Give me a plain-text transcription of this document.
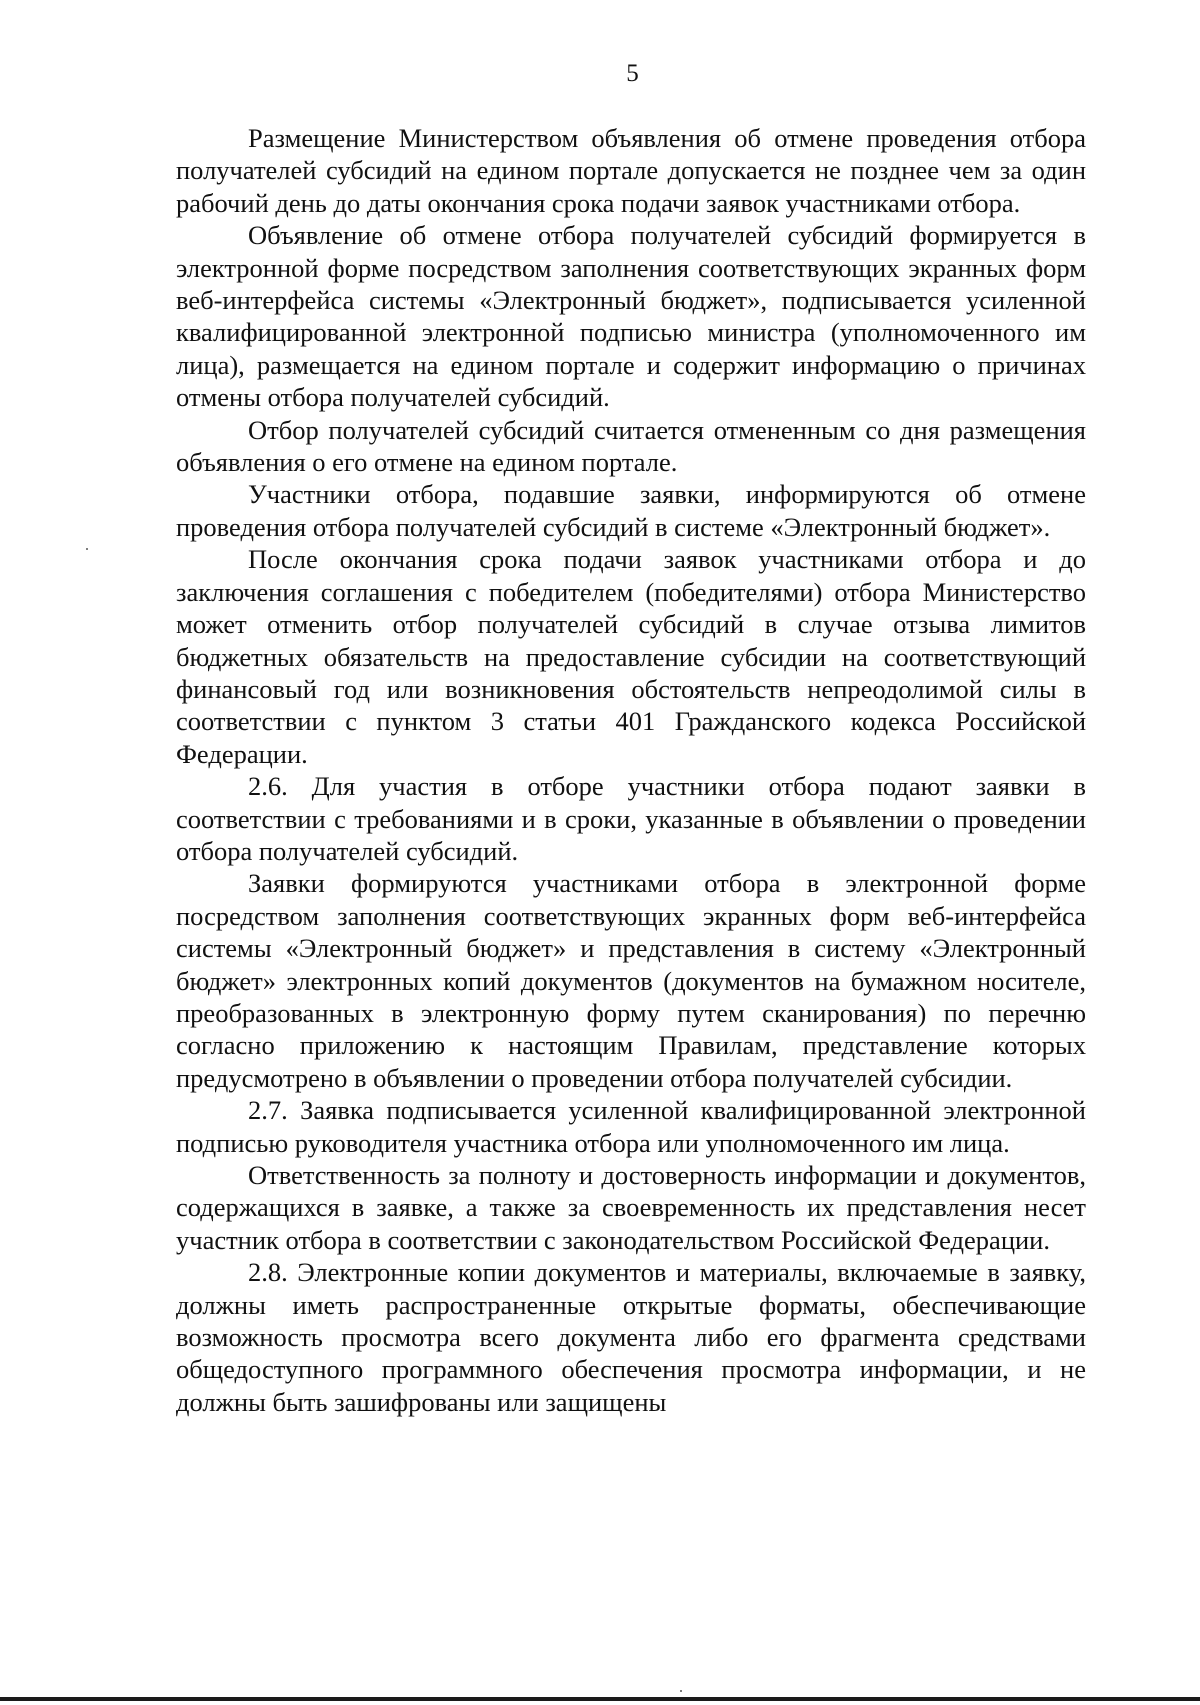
5

Размещение Министерством объявления об отмене проведения отбора получателей субсидий на едином портале допускается не позднее чем за один рабочий день до даты окончания срока подачи заявок участниками отбора.

Объявление об отмене отбора получателей субсидий формируется в электронной форме посредством заполнения соответствующих экранных форм веб-интерфейса системы «Электронный бюджет», подписывается усиленной квалифицированной электронной подписью министра (уполномоченного им лица), размещается на едином портале и содержит информацию о причинах отмены отбора получателей субсидий.

Отбор получателей субсидий считается отмененным со дня размещения объявления о его отмене на едином портале.

Участники отбора, подавшие заявки, информируются об отмене проведения отбора получателей субсидий в системе «Электронный бюджет».

После окончания срока подачи заявок участниками отбора и до заключения соглашения с победителем (победителями) отбора Министерство может отменить отбор получателей субсидий в случае отзыва лимитов бюджетных обязательств на предоставление субсидии на соответствующий финансовый год или возникновения обстоятельств непреодолимой силы в соответствии с пунктом 3 статьи 401 Гражданского кодекса Российской Федерации.

2.6. Для участия в отборе участники отбора подают заявки в соответствии с требованиями и в сроки, указанные в объявлении о проведении отбора получателей субсидий.

Заявки формируются участниками отбора в электронной форме посредством заполнения соответствующих экранных форм веб-интерфейса системы «Электронный бюджет» и представления в систему «Электронный бюджет» электронных копий документов (документов на бумажном носителе, преобразованных в электронную форму путем сканирования) по перечню согласно приложению к настоящим Правилам, представление которых предусмотрено в объявлении о проведении отбора получателей субсидии.

2.7. Заявка подписывается усиленной квалифицированной электронной подписью руководителя участника отбора или уполномоченного им лица.

Ответственность за полноту и достоверность информации и документов, содержащихся в заявке, а также за своевременность их представления несет участник отбора в соответствии с законодательством Российской Федерации.

2.8. Электронные копии документов и материалы, включаемые в заявку, должны иметь распространенные открытые форматы, обеспечивающие возможность просмотра всего документа либо его фрагмента средствами общедоступного программного обеспечения просмотра информации, и не должны быть зашифрованы или защищены
